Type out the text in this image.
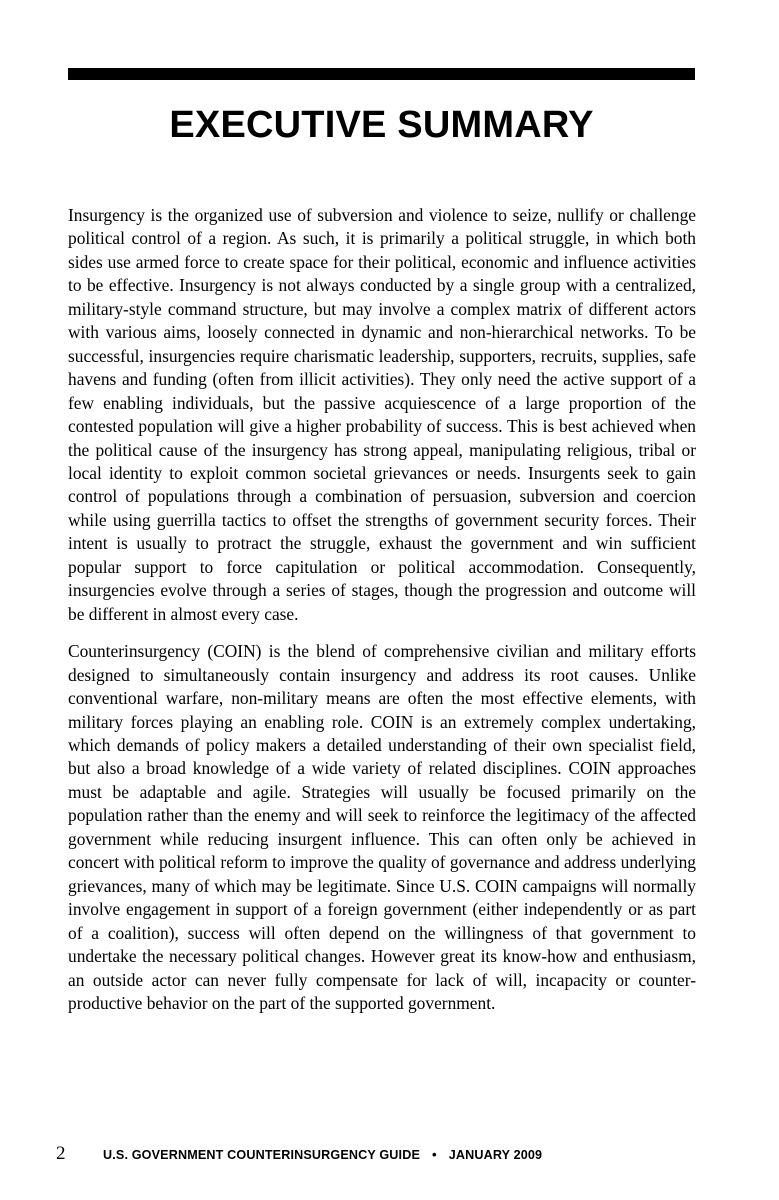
EXECUTIVE SUMMARY

Insurgency is the organized use of subversion and violence to seize, nullify or challenge political control of a region. As such, it is primarily a political struggle, in which both sides use armed force to create space for their political, economic and influence activities to be effective. Insurgency is not always conducted by a single group with a centralized, military-style command structure, but may involve a complex matrix of different actors with various aims, loosely connected in dynamic and non-hierarchical networks. To be successful, insurgencies require charismatic leadership, supporters, recruits, supplies, safe havens and funding (often from illicit activities). They only need the active support of a few enabling individuals, but the passive acquiescence of a large proportion of the contested population will give a higher probability of success. This is best achieved when the political cause of the insurgency has strong appeal, manipulating religious, tribal or local identity to exploit common societal grievances or needs. Insurgents seek to gain control of populations through a combination of persuasion, subversion and coercion while using guerrilla tactics to offset the strengths of government security forces. Their intent is usually to protract the struggle, exhaust the government and win sufficient popular support to force capitulation or political accommodation. Consequently, insurgencies evolve through a series of stages, though the progression and outcome will be different in almost every case.

Counterinsurgency (COIN) is the blend of comprehensive civilian and military efforts designed to simultaneously contain insurgency and address its root causes. Unlike conventional warfare, non-military means are often the most effective elements, with military forces playing an enabling role. COIN is an extremely complex undertaking, which demands of policy makers a detailed understanding of their own specialist field, but also a broad knowledge of a wide variety of related disciplines. COIN approaches must be adaptable and agile. Strategies will usually be focused primarily on the population rather than the enemy and will seek to reinforce the legitimacy of the affected government while reducing insurgent influence. This can often only be achieved in concert with political reform to improve the quality of governance and address underlying grievances, many of which may be legitimate. Since U.S. COIN campaigns will normally involve engagement in support of a foreign government (either independently or as part of a coalition), success will often depend on the willingness of that government to undertake the necessary political changes. However great its know-how and enthusiasm, an outside actor can never fully compensate for lack of will, incapacity or counter-productive behavior on the part of the supported government.

2	U.S. GOVERNMENT COUNTERINSURGENCY GUIDE • JANUARY 2009
